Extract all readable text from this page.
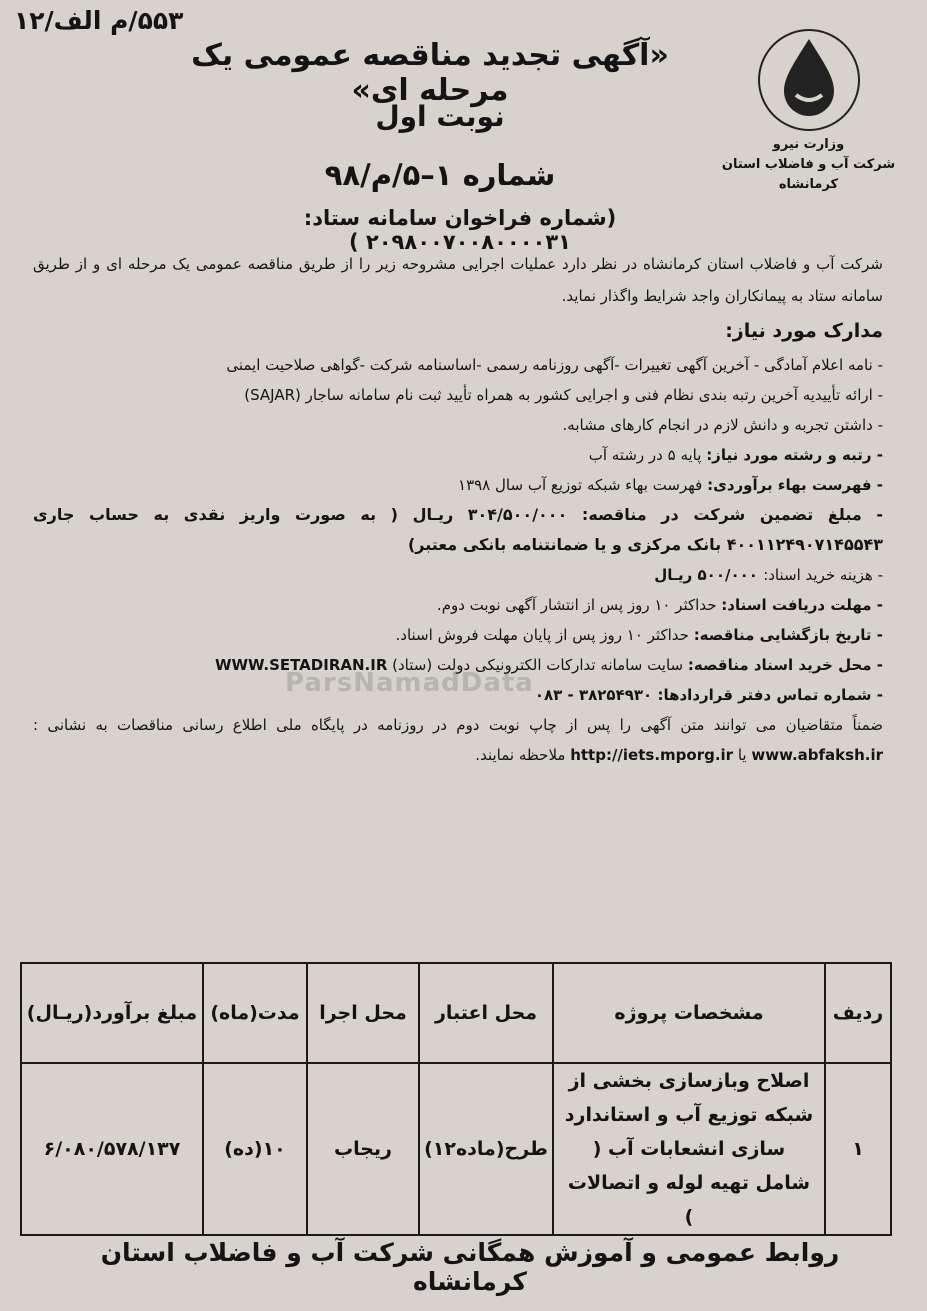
۵۵۳/م الف/۱۲
وزارت نیرو
شرکت آب و فاضلاب استان کرمانشاه
«آگهی تجدید مناقصه عمومی یک مرحله ای»
نوبت اول
شماره ۱–۵/م/۹۸
(شماره فراخوان سامانه ستاد: ۲۰۹۸۰۰۷۰۰۸۰۰۰۰۳۱ )
ParsNamadData

شرکت آب و فاضلاب استان کرمانشاه در نظر دارد عملیات اجرایی مشروحه زیر را از طریق مناقصه عمومی یک مرحله ای و از طریق سامانه ستاد به پیمانکاران واجد شرایط واگذار نماید.

مدارک مورد نیاز:

- نامه اعلام آمادگی - آخرین آگهی تغییرات -آگهی روزنامه رسمی -اساسنامه شرکت -گواهی صلاحیت ایمنی

- ارائه تأییدیه آخرین رتبه بندی نظام فنی و اجرایی کشور به همراه تأیید ثبت نام سامانه ساجار (SAJAR)

- داشتن تجربه و دانش لازم در انجام کارهای مشابه.

- رتبه و رشته مورد نیاز: پایه ۵ در رشته آب

- فهرست بهاء برآوردی: فهرست بهاء شبکه توزیع آب سال ۱۳۹۸

- مبلغ تضمین شرکت در مناقصه: ۳۰۴/۵۰۰/۰۰۰ ریـال ( به صورت واریز نقدی به حساب جاری ۴۰۰۱۱۲۴۹۰۷۱۴۵۵۴۳ بانک مرکزی و یا ضمانتنامه بانکی معتبر)

- هزینه خرید اسناد: ۵۰۰/۰۰۰ ریـال

- مهلت دریافت اسناد: حداکثر ۱۰ روز پس از انتشار آگهی نوبت دوم.

- تاریخ بازگشایی مناقصه: حداکثر ۱۰ روز پس از پایان مهلت فروش اسناد.

- محل خرید اسناد مناقصه: سایت سامانه تدارکات الکترونیکی دولت (ستاد) WWW.SETADIRAN.IR

- شماره تماس دفتر قراردادها: ۳۸۲۵۴۹۳۰ - ۰۸۳

ضمناً متقاضیان می توانند متن آگهی را پس از چاپ نوبت دوم در روزنامه در پایگاه ملی اطلاع رسانی مناقصات به نشانی : www.abfaksh.ir یا http://iets.mporg.ir ملاحظه نمایند.

ردیف	مشخصات پروژه	محل اعتبار	محل اجرا	مدت(ماه)	مبلغ برآورد(ریـال)
۱	اصلاح وبازسازی بخشی از شبکه توزیع آب و استاندارد سازی انشعابات آب ( شامل تهیه لوله و اتصالات )	طرح(ماده۱۲)	ریجاب	۱۰(ده)	۶/۰۸۰/۵۷۸/۱۳۷
روابط عمومی و آموزش همگانی شرکت آب و فاضلاب استان کرمانشاه
